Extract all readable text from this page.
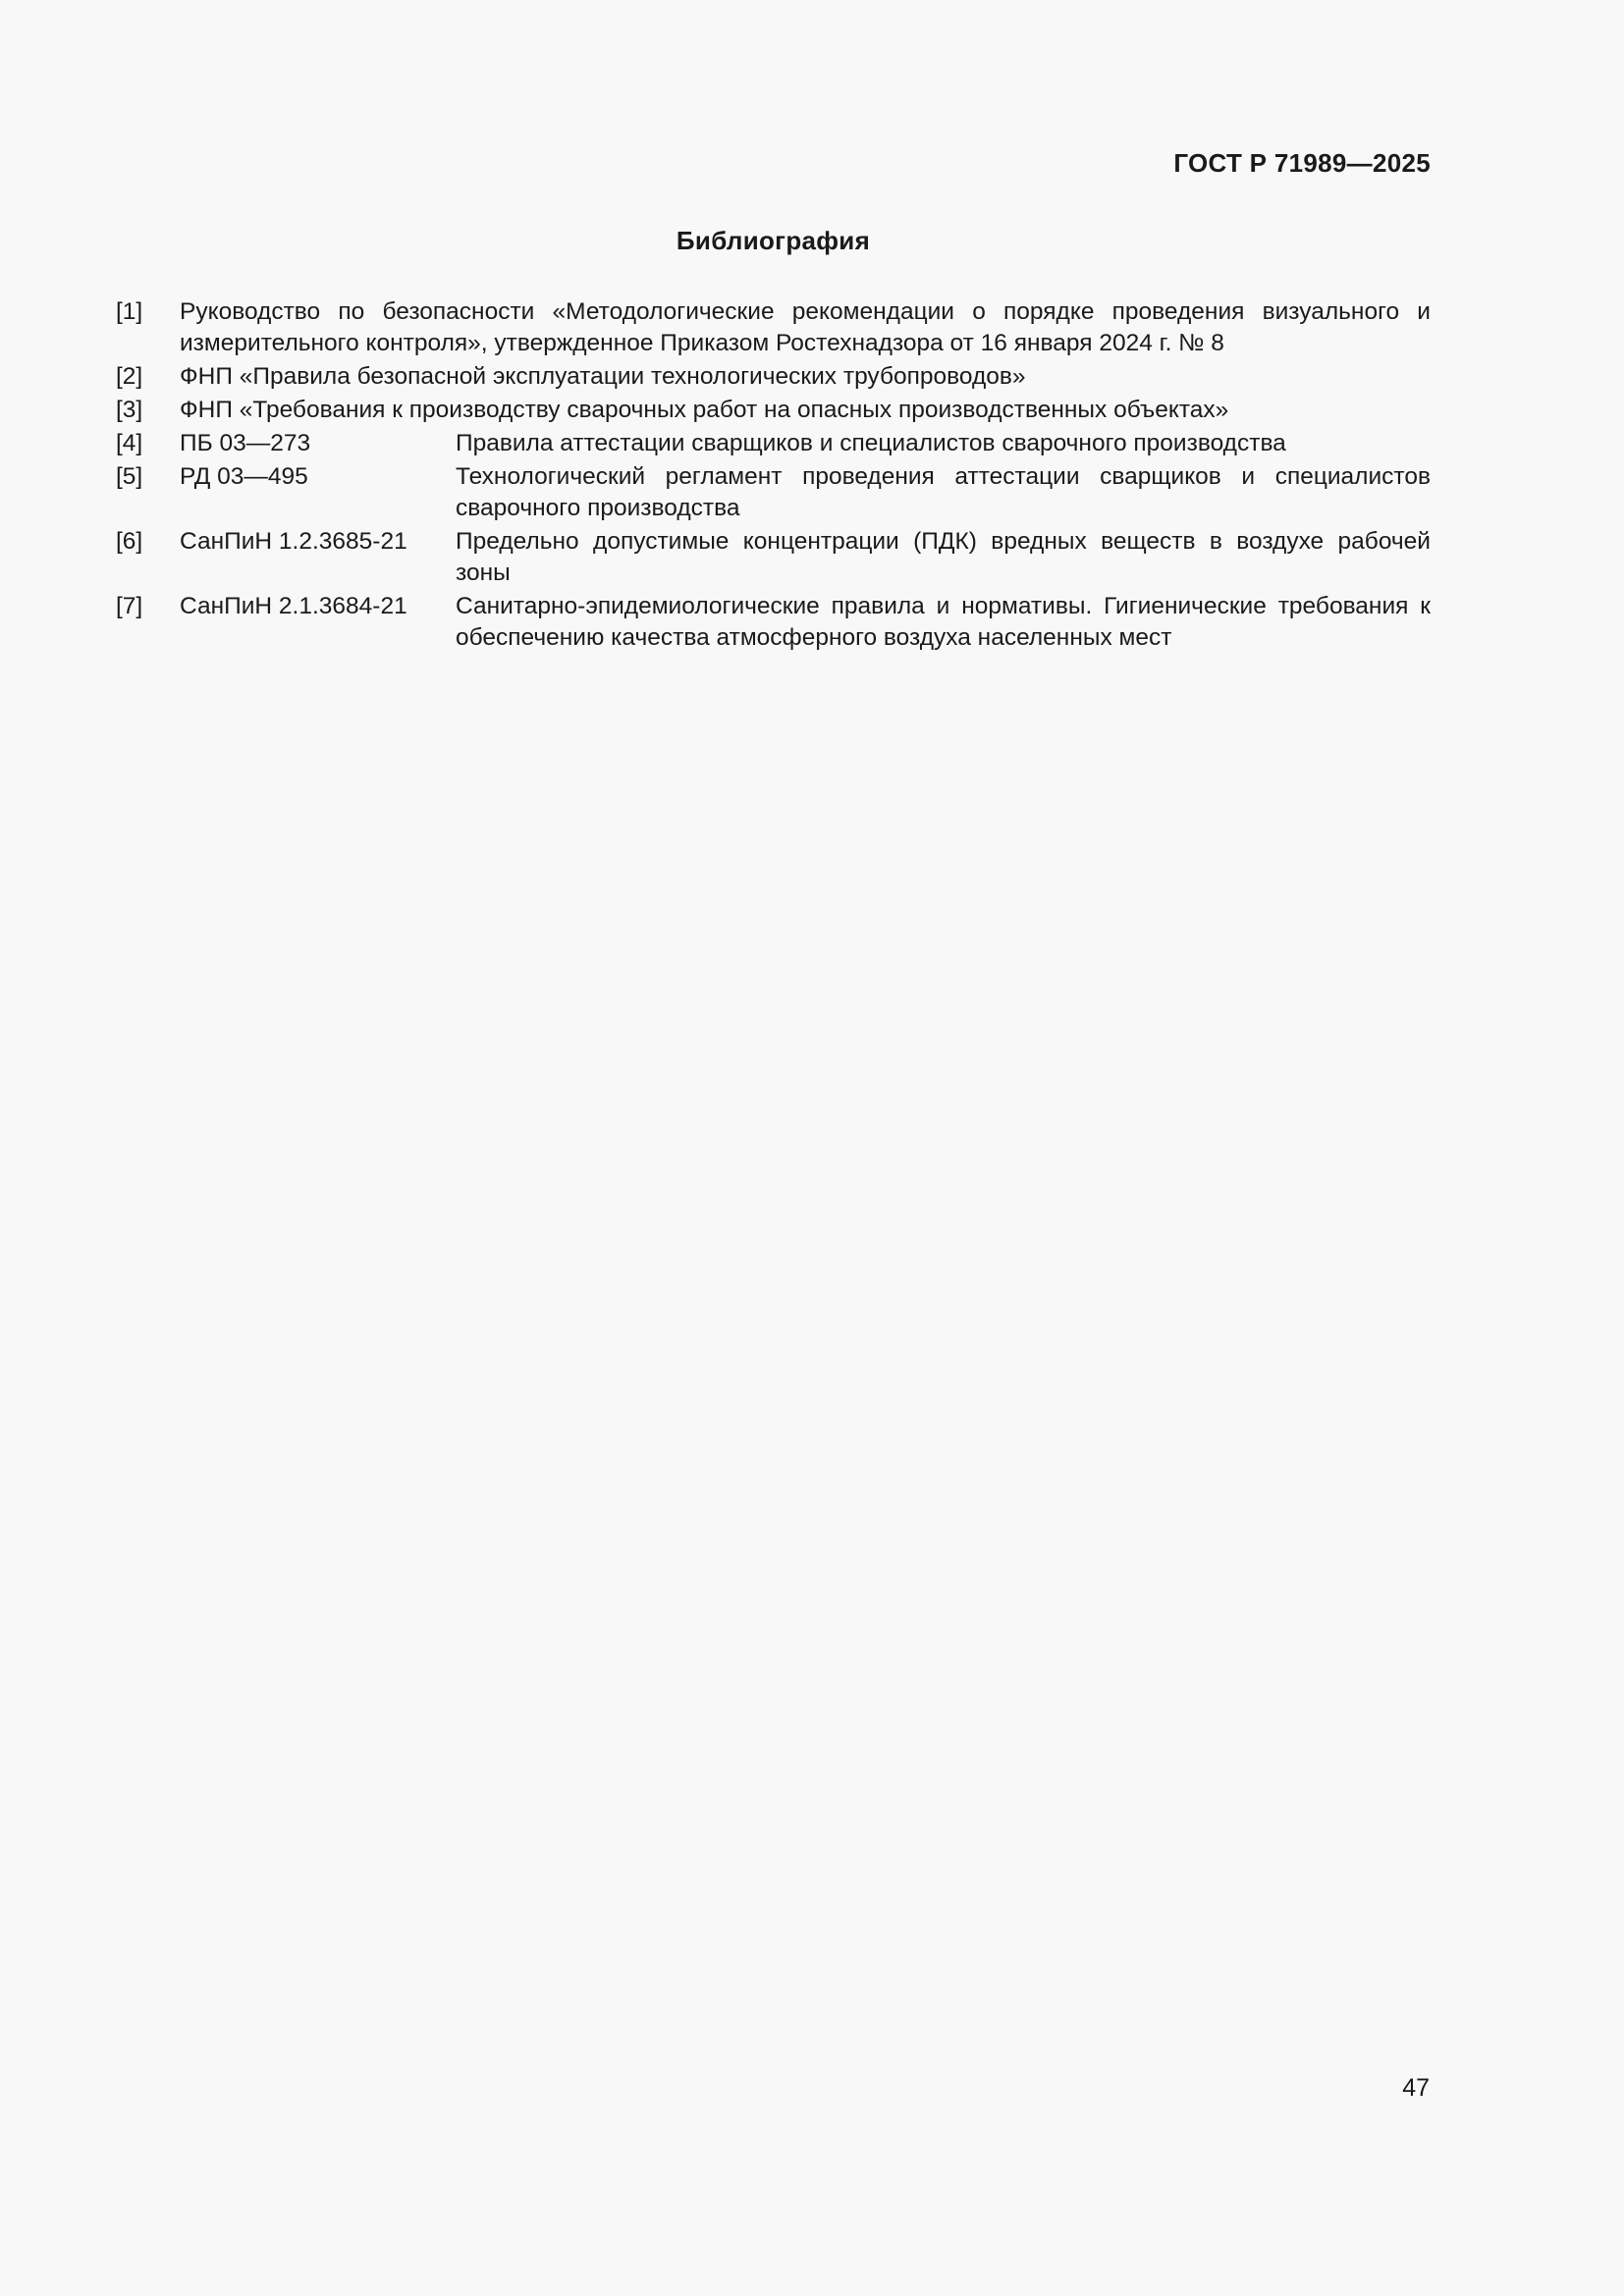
ГОСТ Р 71989—2025
Библиография
[1]	Руководство по безопасности «Методологические рекомендации о порядке проведения визуального и измерительного контроля», утвержденное Приказом Ростехнадзора от 16 января 2024 г. № 8
[2]	ФНП «Правила безопасной эксплуатации технологических трубопроводов»
[3]	ФНП «Требования к производству сварочных работ на опасных производственных объектах»
[4]	ПБ 03—273	Правила аттестации сварщиков и специалистов сварочного производства
[5]	РД 03—495	Технологический регламент проведения аттестации сварщиков и специалистов сварочного производства
[6]	СанПиН 1.2.3685-21	Предельно допустимые концентрации (ПДК) вредных веществ в воздухе рабочей зоны
[7]	СанПиН 2.1.3684-21	Санитарно-эпидемиологические правила и нормативы. Гигиенические требования к обеспечению качества атмосферного воздуха населенных мест
47
